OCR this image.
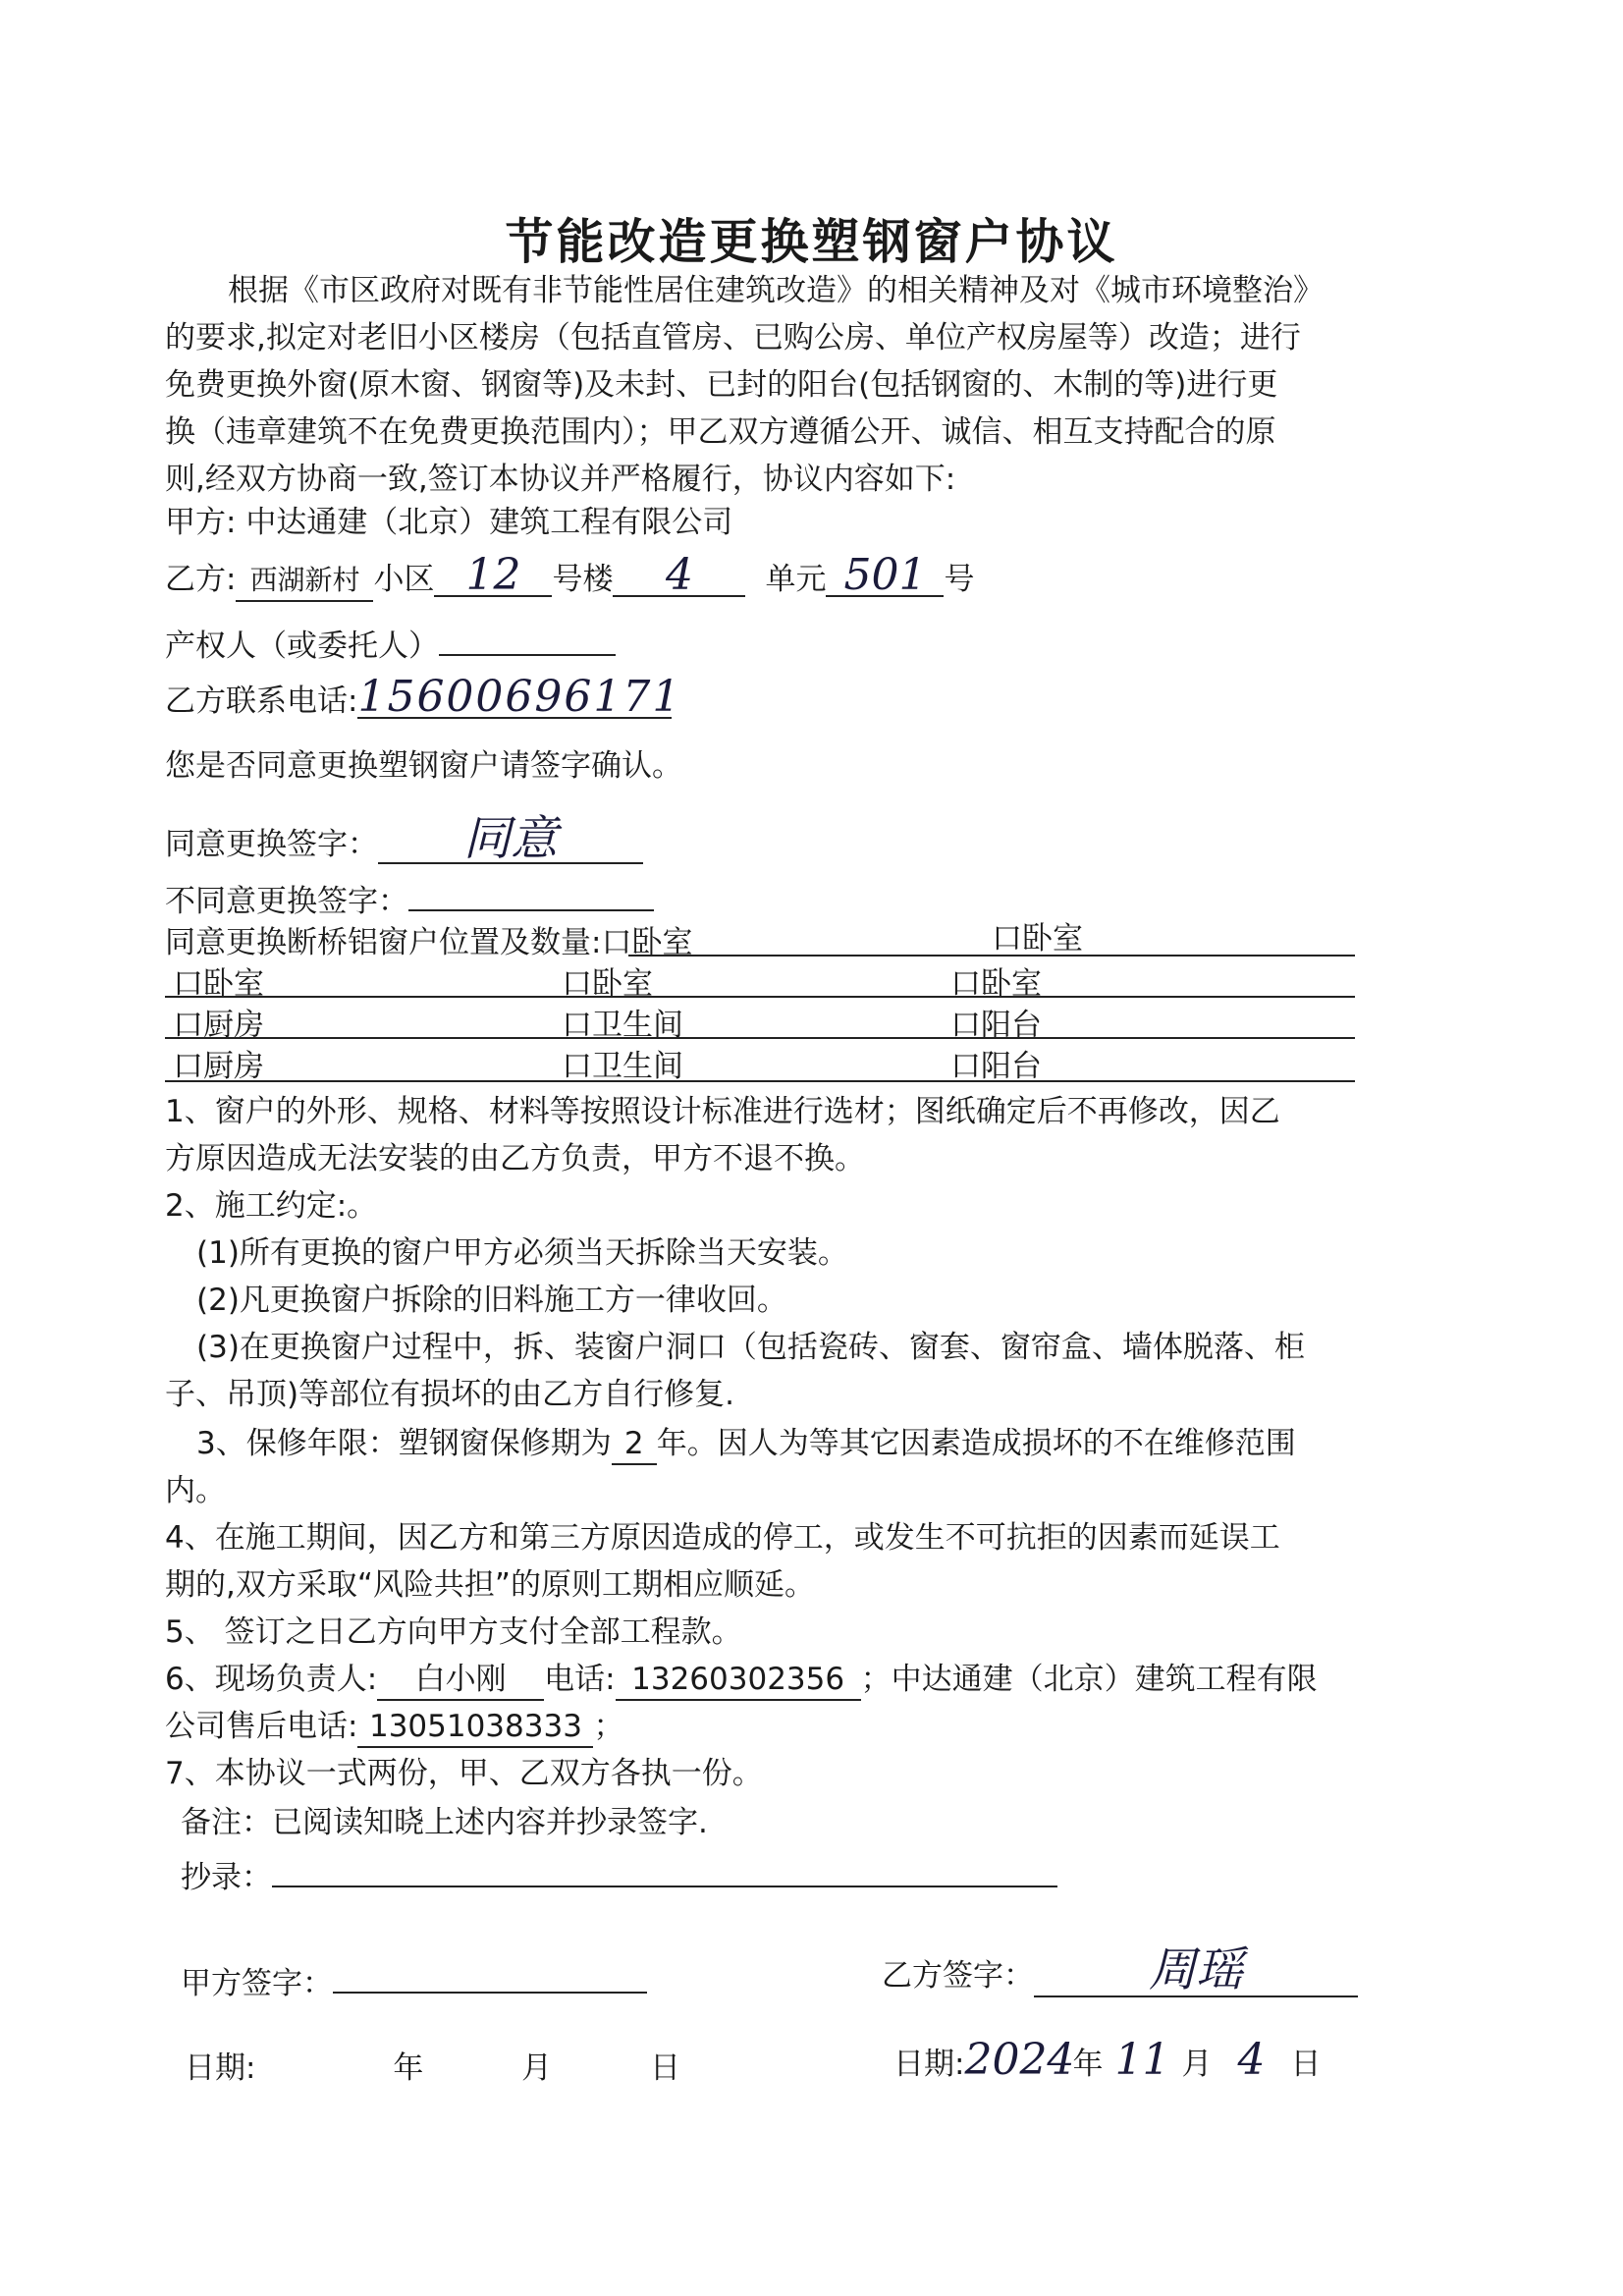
节能改造更换塑钢窗户协议
根据《市区政府对既有非节能性居住建筑改造》的相关精神及对《城市环境整治》
的要求,拟定对老旧小区楼房（包括直管房、已购公房、单位产权房屋等）改造；进行
免费更换外窗(原木窗、钢窗等)及未封、已封的阳台(包括钢窗的、木制的等)进行更
换（违章建筑不在免费更换范围内）；甲乙双方遵循公开、诚信、相互支持配合的原
则,经双方协商一致,签订本协议并严格履行，协议内容如下:
甲方: 中达通建（北京）建筑工程有限公司
乙方: 西湖新村 小区 12 号楼 4 单元 501 号
产权人（或委托人）
乙方联系电话:15600696171
您是否同意更换塑钢窗户请签字确认。
同意更换签字： 同意
不同意更换签字：
同意更换断桥铝窗户位置及数量:口卧室	口卧室
口卧室	口卧室	口卧室
口厨房	口卫生间	口阳台
口厨房	口卫生间	口阳台
1、窗户的外形、规格、材料等按照设计标准进行选材；图纸确定后不再修改，因乙
方原因造成无法安装的由乙方负责，甲方不退不换。
2、施工约定:。
(1)所有更换的窗户甲方必须当天拆除当天安装。
(2)凡更换窗户拆除的旧料施工方一律收回。
(3)在更换窗户过程中，拆、装窗户洞口（包括瓷砖、窗套、窗帘盒、墙体脱落、柜
子、吊顶)等部位有损坏的由乙方自行修复.
3、保修年限：塑钢窗保修期为 2 年。因人为等其它因素造成损坏的不在维修范围
内。
4、在施工期间，因乙方和第三方原因造成的停工，或发生不可抗拒的因素而延误工
期的,双方采取“风险共担”的原则工期相应顺延。
5、 签订之日乙方向甲方支付全部工程款。
6、现场负责人: 白小刚 电话: 13260302356 ；中达通建（北京）建筑工程有限
公司售后电话: 13051038333 ；
7、本协议一式两份，甲、乙双方各执一份。
备注：已阅读知晓上述内容并抄录签字.
抄录：
甲方签字：	乙方签字： 周瑶
日期:	年	月	日	日期:2024年 11 月 4 日
